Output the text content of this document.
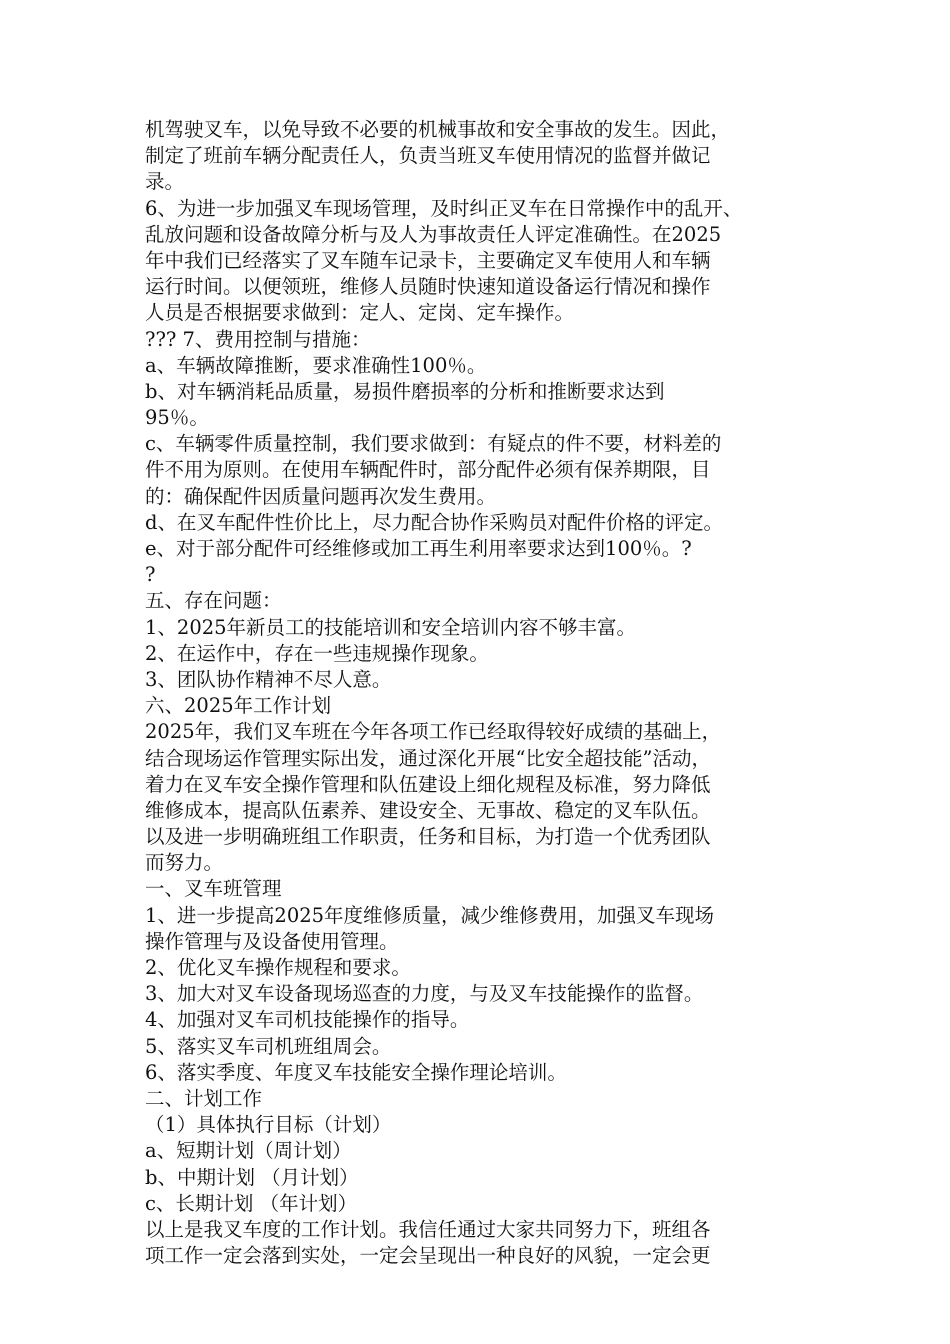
机驾驶叉车，以免导致不必要的机械事故和安全事故的发生。因此，
制定了班前车辆分配责任人，负责当班叉车使用情况的监督并做记
录。
6、为进一步加强叉车现场管理，及时纠正叉车在日常操作中的乱开、
乱放问题和设备故障分析与及人为事故责任人评定准确性。在2025
年中我们已经落实了叉车随车记录卡，主要确定叉车使用人和车辆
运行时间。以便领班，维修人员随时快速知道设备运行情况和操作
人员是否根据要求做到：定人、定岗、定车操作。
??? 7、费用控制与措施：
a、车辆故障推断，要求准确性100％。
b、对车辆消耗品质量，易损件磨损率的分析和推断要求达到
95％。
c、车辆零件质量控制，我们要求做到：有疑点的件不要，材料差的
件不用为原则。在使用车辆配件时，部分配件必须有保养期限，目
的：确保配件因质量问题再次发生费用。
d、在叉车配件性价比上，尽力配合协作采购员对配件价格的评定。
e、对于部分配件可经维修或加工再生利用率要求达到100％。?
?
五、存在问题：
1、2025年新员工的技能培训和安全培训内容不够丰富。
2、在运作中，存在一些违规操作现象。
3、团队协作精神不尽人意。
六、2025年工作计划
2025年，我们叉车班在今年各项工作已经取得较好成绩的基础上，
结合现场运作管理实际出发，通过深化开展“比安全超技能”活动，
着力在叉车安全操作管理和队伍建设上细化规程及标准，努力降低
维修成本，提高队伍素养、建设安全、无事故、稳定的叉车队伍。
以及进一步明确班组工作职责，任务和目标，为打造一个优秀团队
而努力。
一、叉车班管理
1、进一步提高2025年度维修质量，减少维修费用，加强叉车现场
操作管理与及设备使用管理。
2、优化叉车操作规程和要求。
3、加大对叉车设备现场巡查的力度，与及叉车技能操作的监督。
4、加强对叉车司机技能操作的指导。
5、落实叉车司机班组周会。
6、落实季度、年度叉车技能安全操作理论培训。
二、计划工作
（1）具体执行目标（计划）
a、短期计划（周计划）
b、中期计划 （月计划）
c、长期计划 （年计划）
以上是我叉车度的工作计划。我信任通过大家共同努力下，班组各
项工作一定会落到实处，一定会呈现出一种良好的风貌，一定会更
